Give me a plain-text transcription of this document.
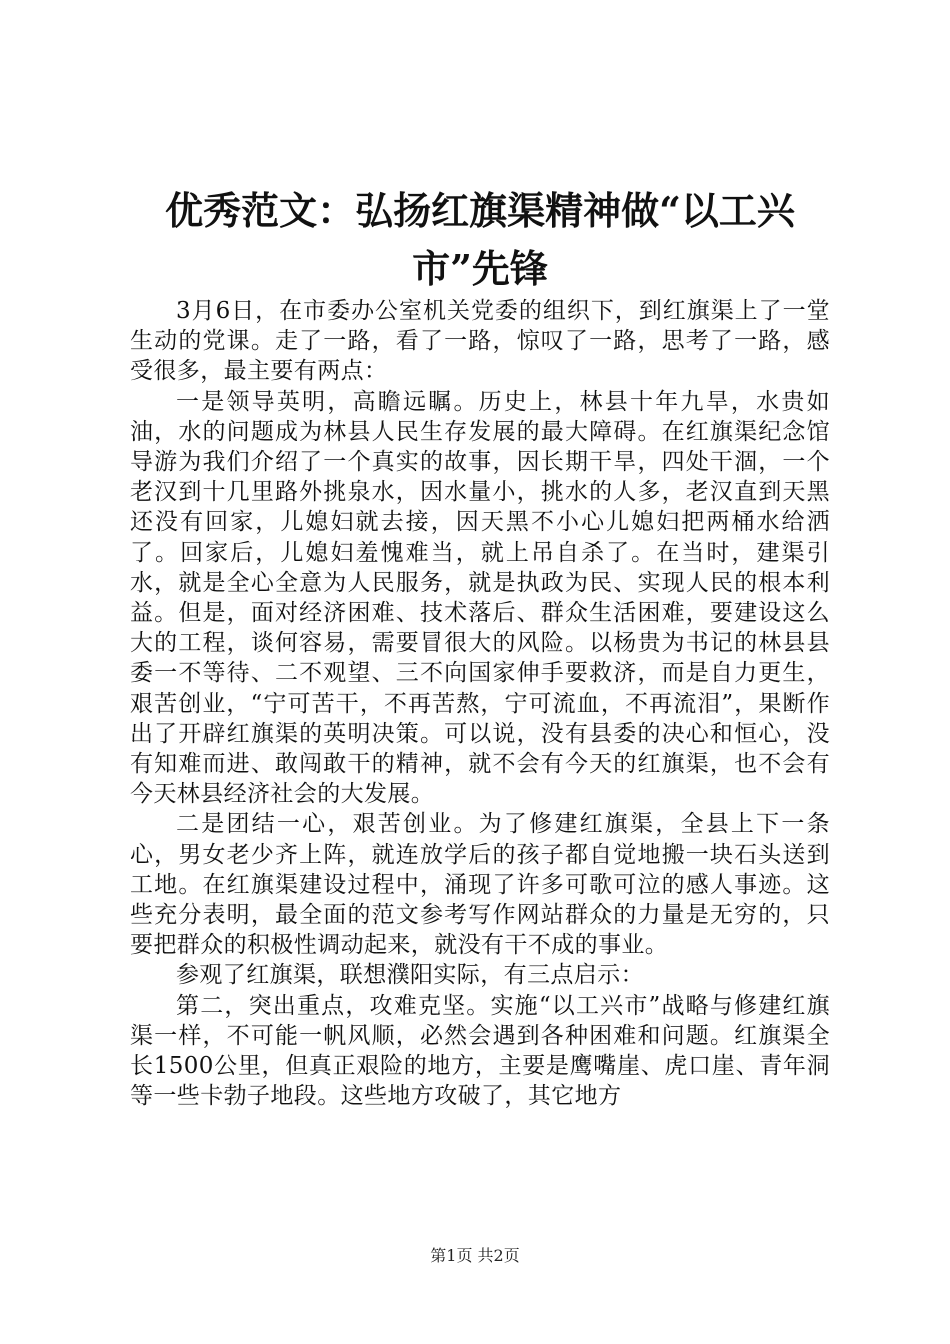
优秀范文：弘扬红旗渠精神做“以工兴市”先锋

3月6日，在市委办公室机关党委的组织下，到红旗渠上了一堂生动的党课。走了一路，看了一路，惊叹了一路，思考了一路，感受很多，最主要有两点：

一是领导英明，高瞻远瞩。历史上，林县十年九旱，水贵如油，水的问题成为林县人民生存发展的最大障碍。在红旗渠纪念馆导游为我们介绍了一个真实的故事，因长期干旱，四处干涸，一个老汉到十几里路外挑泉水，因水量小，挑水的人多，老汉直到天黑还没有回家，儿媳妇就去接，因天黑不小心儿媳妇把两桶水给洒了。回家后，儿媳妇羞愧难当，就上吊自杀了。在当时，建渠引水，就是全心全意为人民服务，就是执政为民、实现人民的根本利益。但是，面对经济困难、技术落后、群众生活困难，要建设这么大的工程，谈何容易，需要冒很大的风险。以杨贵为书记的林县县委一不等待、二不观望、三不向国家伸手要救济，而是自力更生，艰苦创业，“宁可苦干，不再苦熬，宁可流血，不再流泪”，果断作出了开辟红旗渠的英明决策。可以说，没有县委的决心和恒心，没有知难而进、敢闯敢干的精神，就不会有今天的红旗渠，也不会有今天林县经济社会的大发展。

二是团结一心，艰苦创业。为了修建红旗渠，全县上下一条心，男女老少齐上阵，就连放学后的孩子都自觉地搬一块石头送到工地。在红旗渠建设过程中，涌现了许多可歌可泣的感人事迹。这些充分表明，最全面的范文参考写作网站群众的力量是无穷的，只要把群众的积极性调动起来，就没有干不成的事业。

参观了红旗渠，联想濮阳实际，有三点启示：

第二，突出重点，攻难克坚。实施“以工兴市”战略与修建红旗渠一样，不可能一帆风顺，必然会遇到各种困难和问题。红旗渠全长1500公里，但真正艰险的地方，主要是鹰嘴崖、虎口崖、青年洞等一些卡勃子地段。这些地方攻破了，其它地方

第1页 共2页
